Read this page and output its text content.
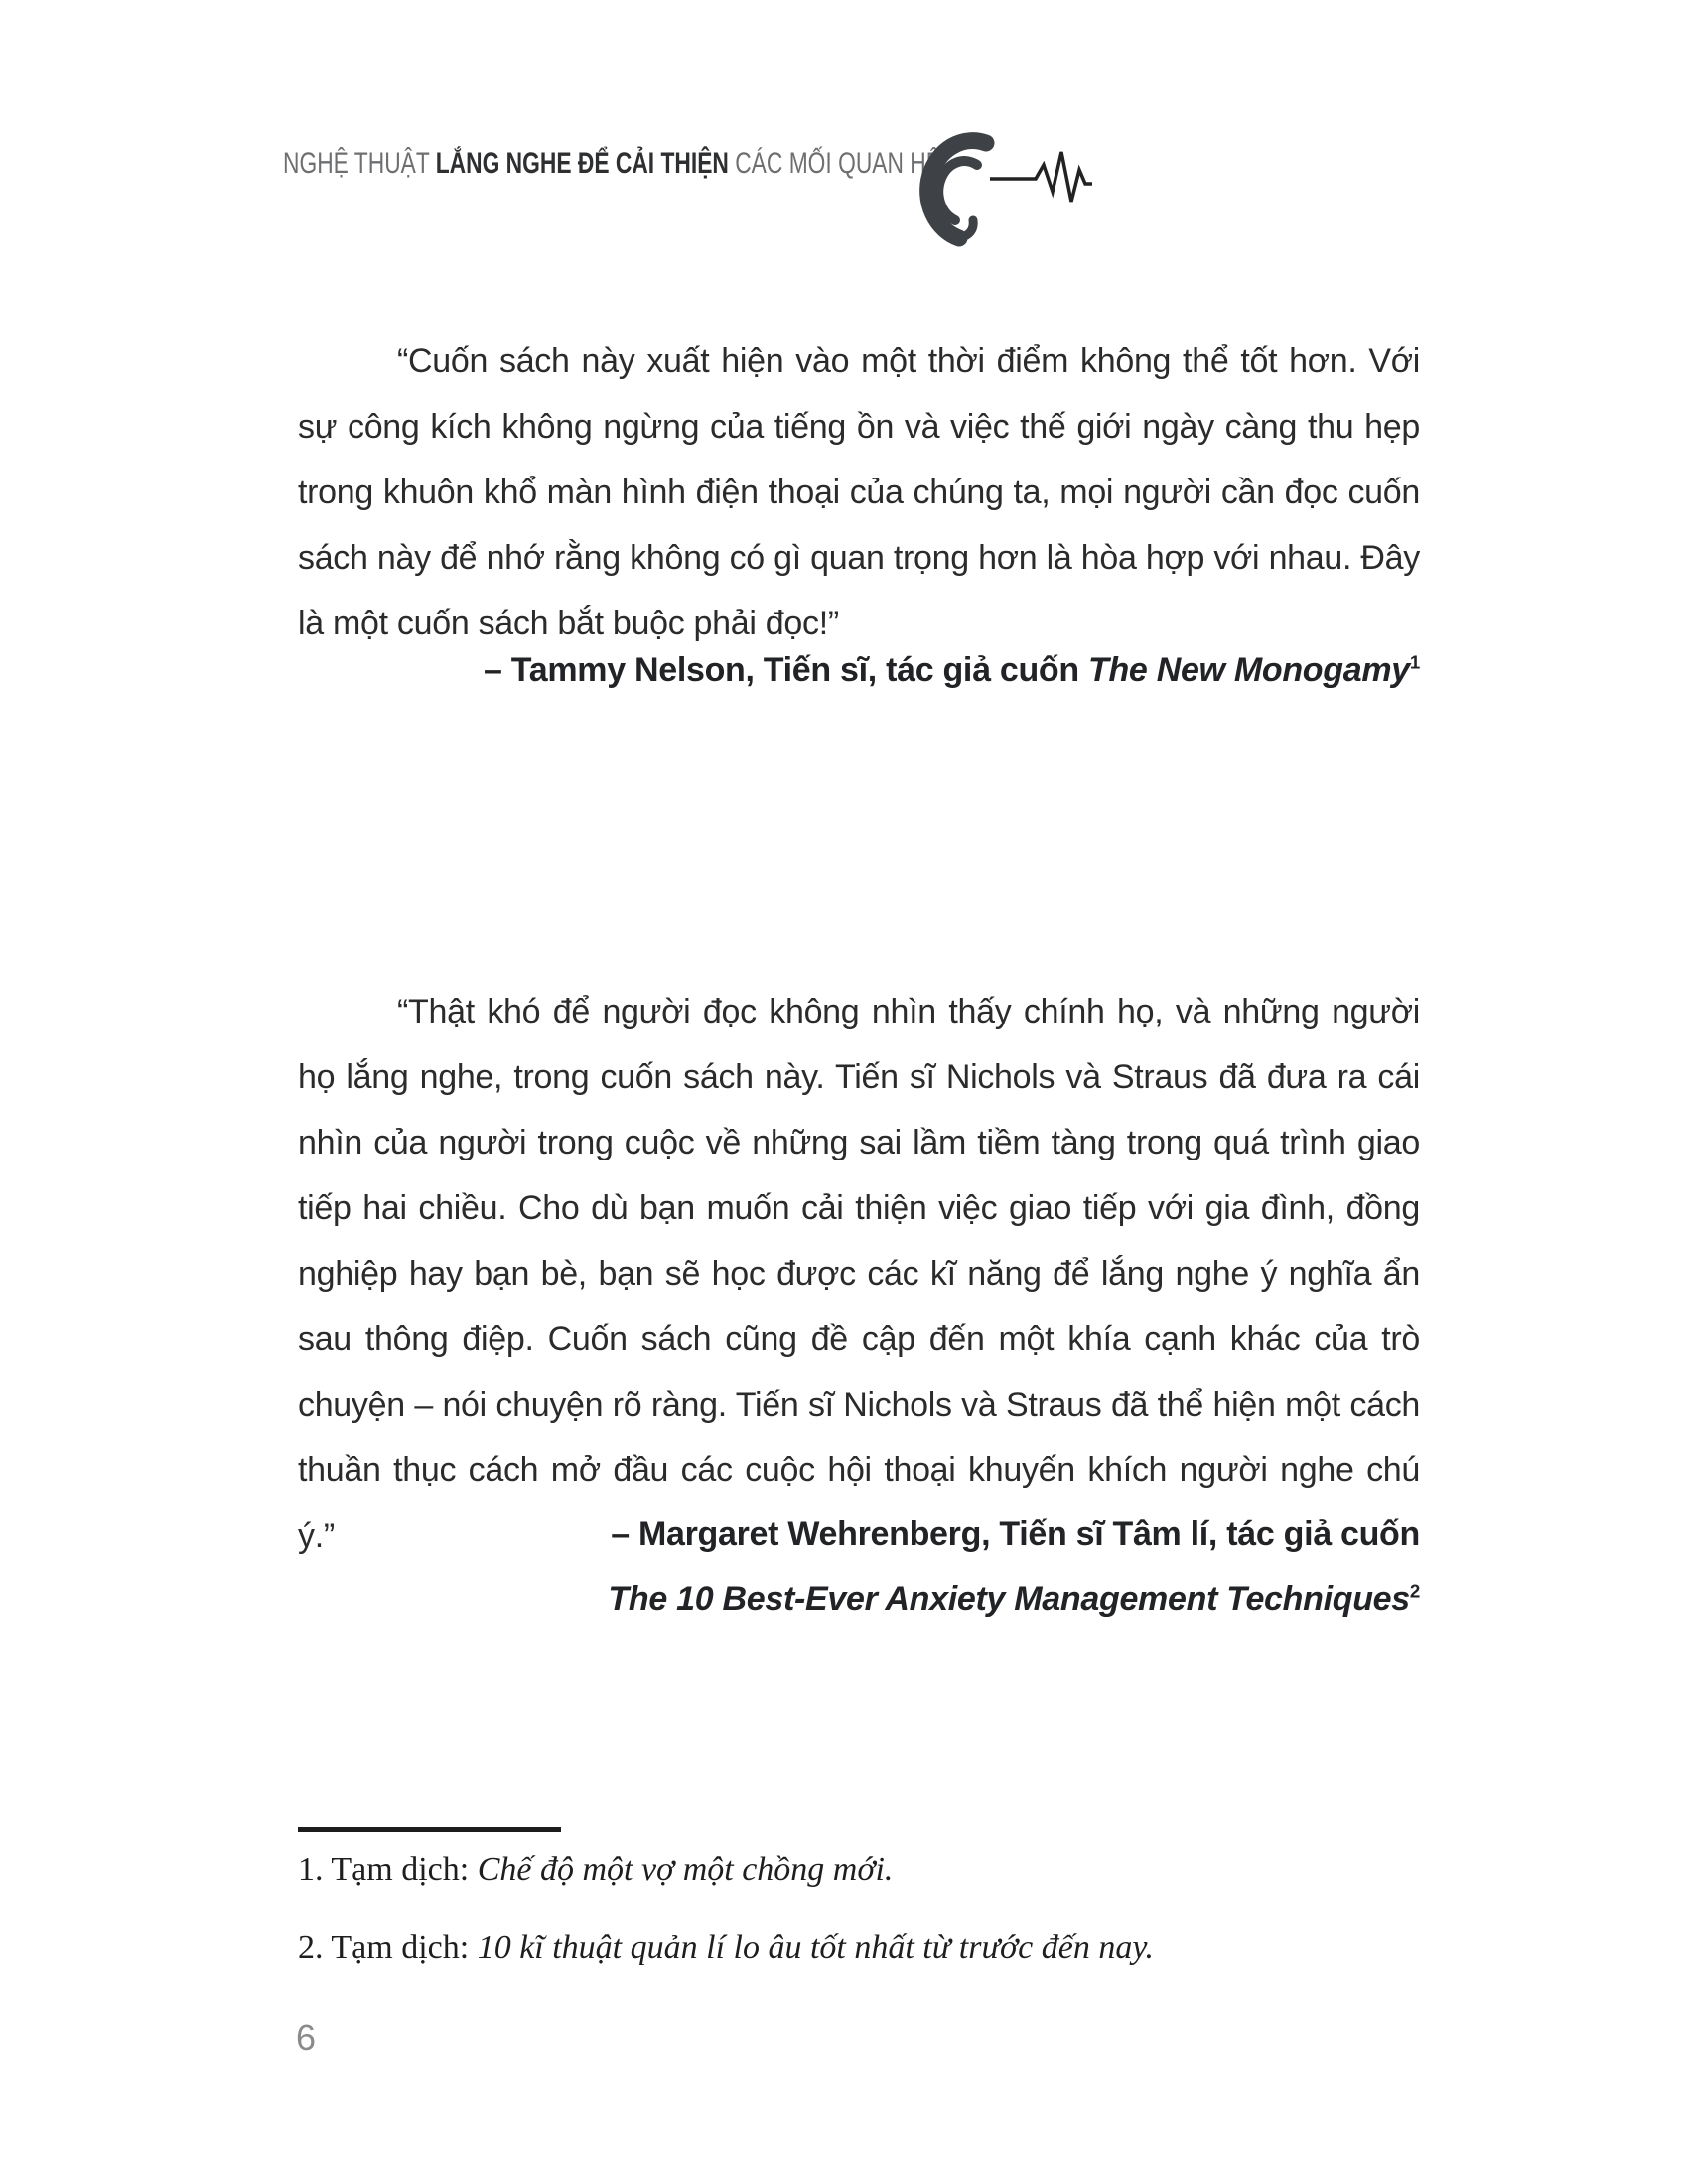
NGHỆ THUẬT LẮNG NGHE ĐỂ CẢI THIỆN CÁC MỐI QUAN HỆ

“Cuốn sách này xuất hiện vào một thời điểm không thể tốt hơn. Với sự công kích không ngừng của tiếng ồn và việc thế giới ngày càng thu hẹp trong khuôn khổ màn hình điện thoại của chúng ta, mọi người cần đọc cuốn sách này để nhớ rằng không có gì quan trọng hơn là hòa hợp với nhau. Đây là một cuốn sách bắt buộc phải đọc!”

– Tammy Nelson, Tiến sĩ, tác giả cuốn The New Monogamy$^1$

“Thật khó để người đọc không nhìn thấy chính họ, và những người họ lắng nghe, trong cuốn sách này. Tiến sĩ Nichols và Straus đã đưa ra cái nhìn của người trong cuộc về những sai lầm tiềm tàng trong quá trình giao tiếp hai chiều. Cho dù bạn muốn cải thiện việc giao tiếp với gia đình, đồng nghiệp hay bạn bè, bạn sẽ học được các kĩ năng để lắng nghe ý nghĩa ẩn sau thông điệp. Cuốn sách cũng đề cập đến một khía cạnh khác của trò chuyện – nói chuyện rõ ràng. Tiến sĩ Nichols và Straus đã thể hiện một cách thuần thục cách mở đầu các cuộc hội thoại khuyến khích người nghe chú ý.”	– Margaret Wehrenberg, Tiến sĩ Tâm lí, tác giả cuốn
The 10 Best-Ever Anxiety Management Techniques$^2$
1. Tạm dịch: Chế độ một vợ một chồng mới.
2. Tạm dịch: 10 kĩ thuật quản lí lo âu tốt nhất từ trước đến nay.
6
